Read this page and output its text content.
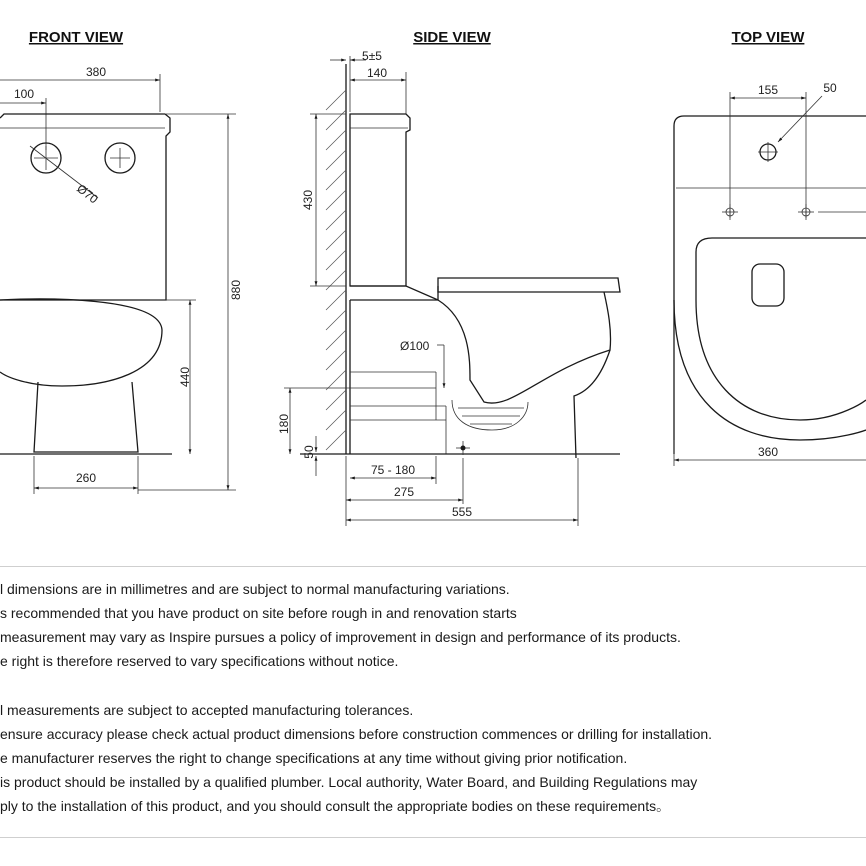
FRONT VIEW
380
100
Ø70
880
440
260
SIDE VIEW
5±5
140
430
Ø100
180
50
75 - 180
275
555
TOP VIEW
155	50
360
l dimensions are in millimetres and are subject to normal manufacturing variations.
s recommended that you have product on site before rough in and renovation starts
measurement may vary as Inspire pursues a policy of improvement in design and performance of its products.
e right is therefore reserved to vary specifications without notice.
l measurements are subject to accepted manufacturing tolerances.
ensure accuracy please check actual product dimensions before construction commences or drilling for installation.
e manufacturer reserves the right to change specifications at any time without giving prior notification.
is product should be installed by a qualified plumber. Local authority, Water Board, and Building Regulations may
ply to the installation of this product, and you should consult the appropriate bodies on these requirements。
